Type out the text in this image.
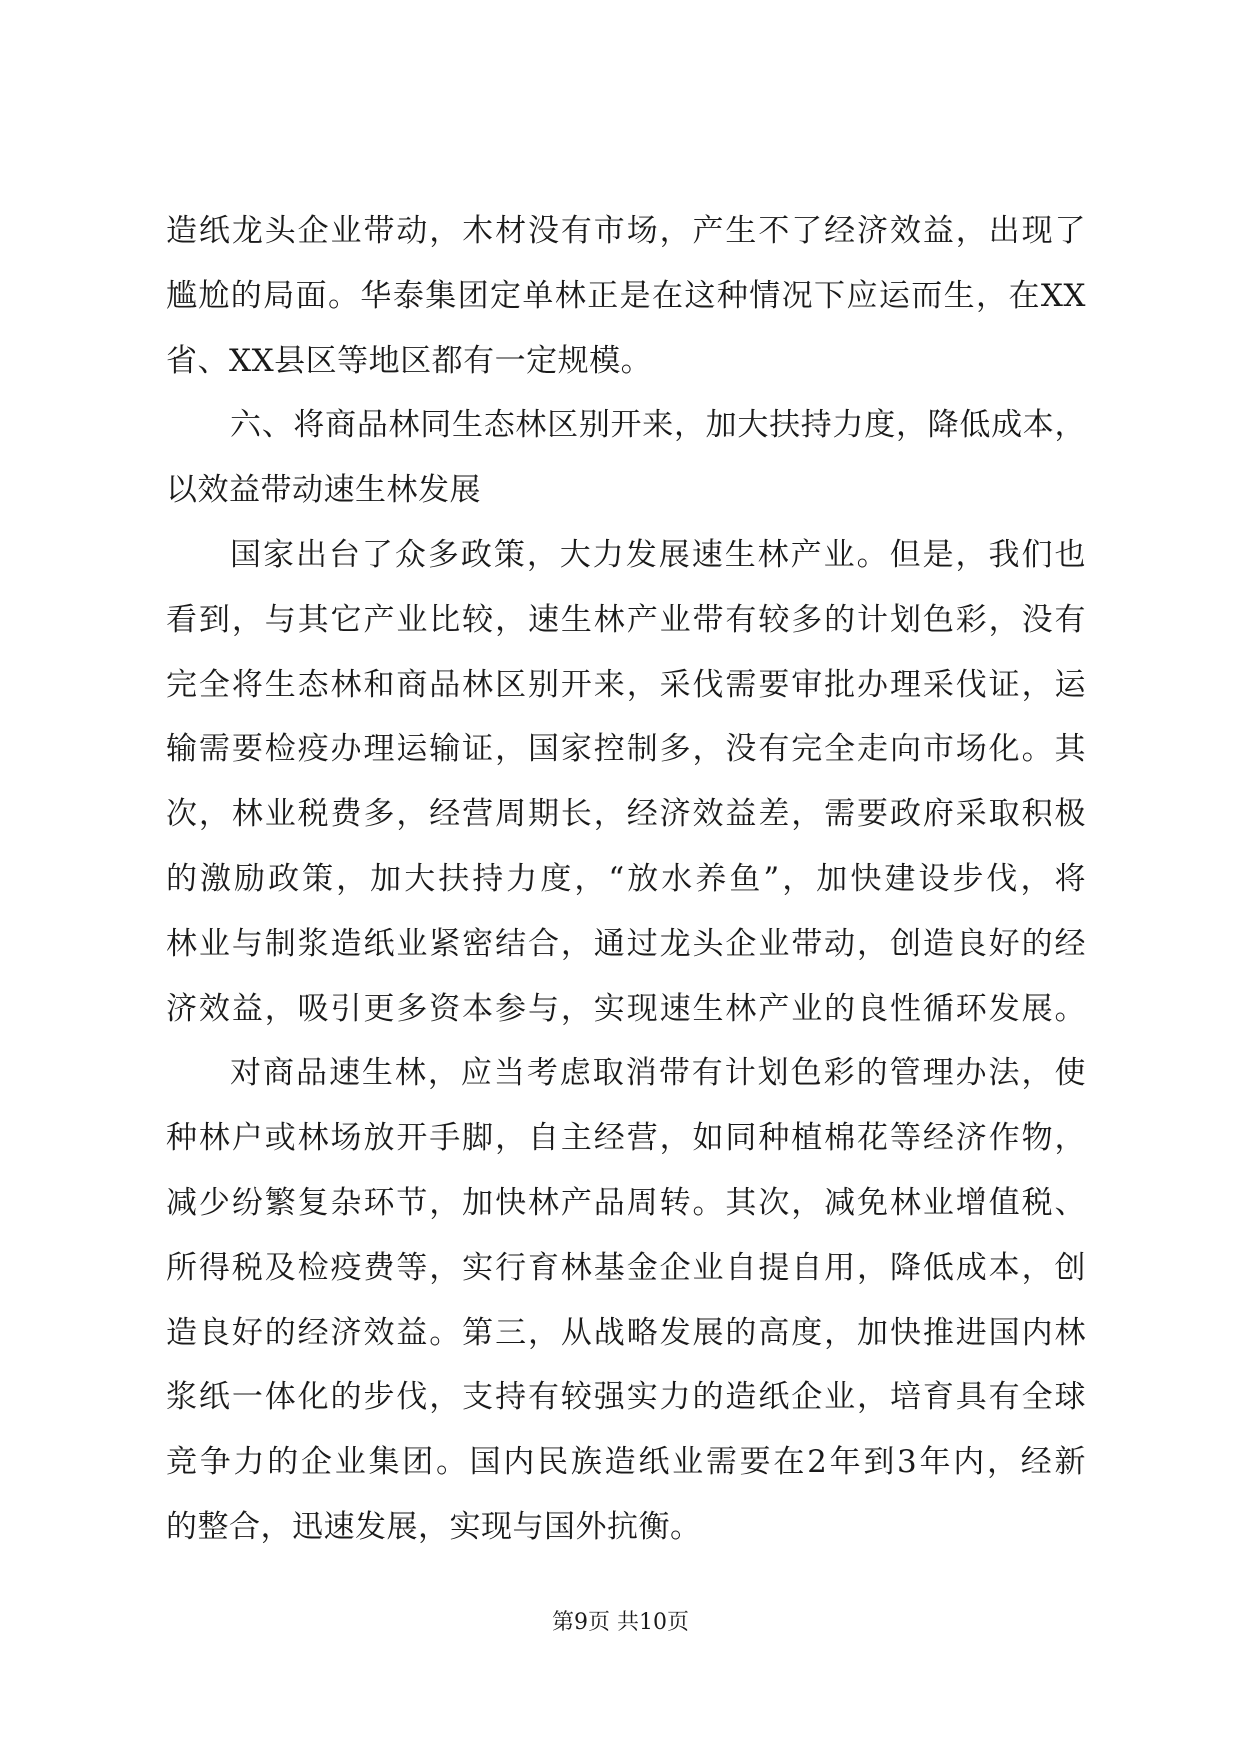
造纸龙头企业带动，木材没有市场，产生不了经济效益，出现了
尴尬的局面。华泰集团定单林正是在这种情况下应运而生，在XX
省、XX县区等地区都有一定规模。
六、将商品林同生态林区别开来，加大扶持力度，降低成本，
以效益带动速生林发展
国家出台了众多政策，大力发展速生林产业。但是，我们也
看到，与其它产业比较，速生林产业带有较多的计划色彩，没有
完全将生态林和商品林区别开来，采伐需要审批办理采伐证，运
输需要检疫办理运输证，国家控制多，没有完全走向市场化。其
次，林业税费多，经营周期长，经济效益差，需要政府采取积极
的激励政策，加大扶持力度，“放水养鱼”，加快建设步伐，将
林业与制浆造纸业紧密结合，通过龙头企业带动，创造良好的经
济效益，吸引更多资本参与，实现速生林产业的良性循环发展。
对商品速生林，应当考虑取消带有计划色彩的管理办法，使
种林户或林场放开手脚，自主经营，如同种植棉花等经济作物，
减少纷繁复杂环节，加快林产品周转。其次，减免林业增值税、
所得税及检疫费等，实行育林基金企业自提自用，降低成本，创
造良好的经济效益。第三，从战略发展的高度，加快推进国内林
浆纸一体化的步伐，支持有较强实力的造纸企业，培育具有全球
竞争力的企业集团。国内民族造纸业需要在2年到3年内，经新
的整合，迅速发展，实现与国外抗衡。
第9页 共10页
